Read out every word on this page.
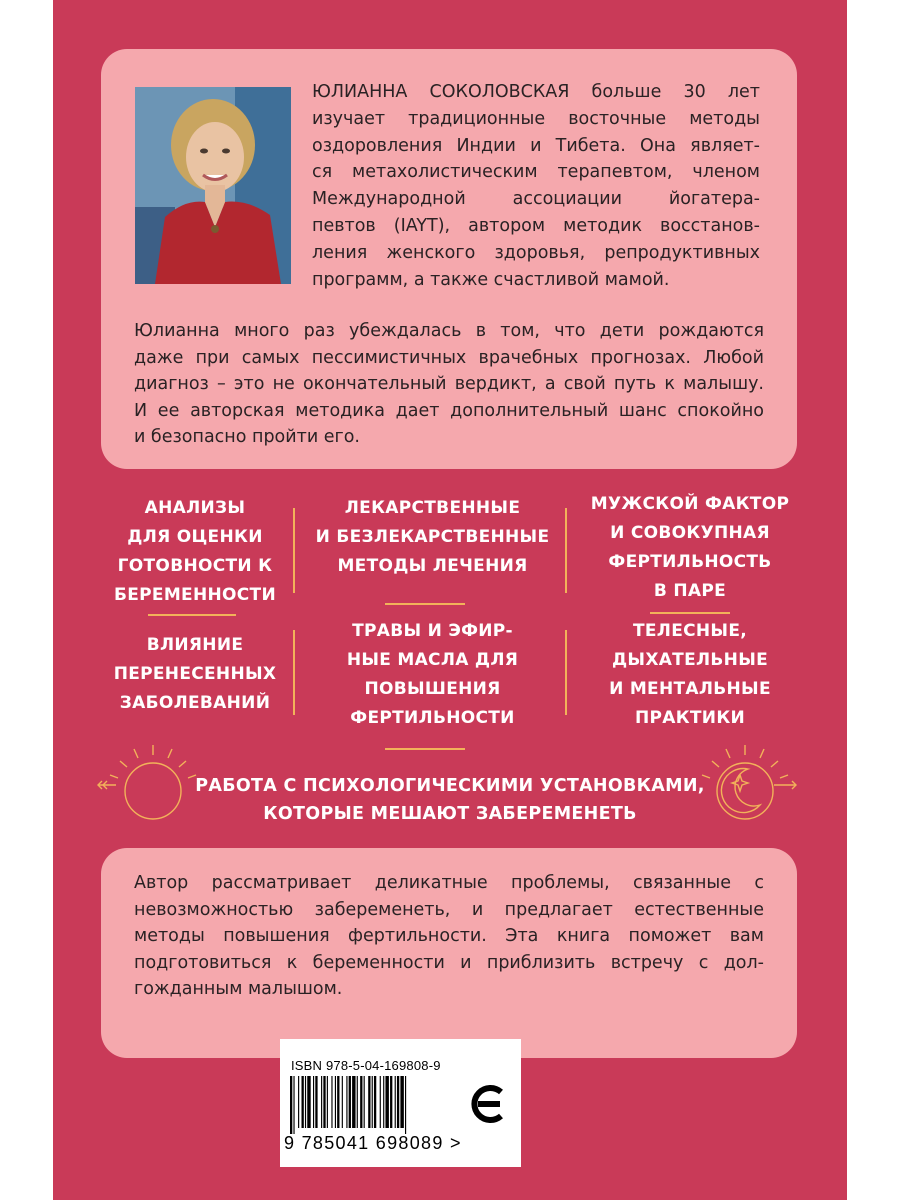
ЮЛИАННА СОКОЛОВСКАЯ больше 30 лет
изучает традиционные восточные методы
оздоровления Индии и Тибета. Она являет-
ся метахолистическим терапевтом, членом
Международной ассоциации йогатера-
певтов (IAYT), автором методик восстанов-
ления женского здоровья, репродуктивных
программ, а также счастливой мамой.
Юлианна много раз убеждалась в том, что дети рождаются
даже при самых пессимистичных врачебных прогнозах. Любой
диагноз – это не окончательный вердикт, а свой путь к малышу.
И ее авторская методика дает дополнительный шанс спокойно
и безопасно пройти его.
АНАЛИЗЫ
ДЛЯ ОЦЕНКИ
ГОТОВНОСТИ К
БЕРЕМЕННОСТИ
ЛЕКАРСТВЕННЫЕ
И БЕЗЛЕКАРСТВЕННЫЕ
МЕТОДЫ ЛЕЧЕНИЯ
МУЖСКОЙ ФАКТОР
И СОВОКУПНАЯ
ФЕРТИЛЬНОСТЬ
В ПАРЕ
ВЛИЯНИЕ
ПЕРЕНЕСЕННЫХ
ЗАБОЛЕВАНИЙ
ТРАВЫ И ЭФИР-
НЫЕ МАСЛА ДЛЯ
ПОВЫШЕНИЯ
ФЕРТИЛЬНОСТИ
ТЕЛЕСНЫЕ,
ДЫХАТЕЛЬНЫЕ
И МЕНТАЛЬНЫЕ
ПРАКТИКИ
РАБОТА С ПСИХОЛОГИЧЕСКИМИ УСТАНОВКАМИ,
КОТОРЫЕ МЕШАЮТ ЗАБЕРЕМЕНЕТЬ
Автор рассматривает деликатные проблемы, связанные с
невозможностью забеременеть, и предлагает естественные
методы повышения фертильности. Эта книга поможет вам
подготовиться к беременности и приблизить встречу с дол-
гожданным малышом.
ISBN 978-5-04-169808-9
9 785041 698089 >
